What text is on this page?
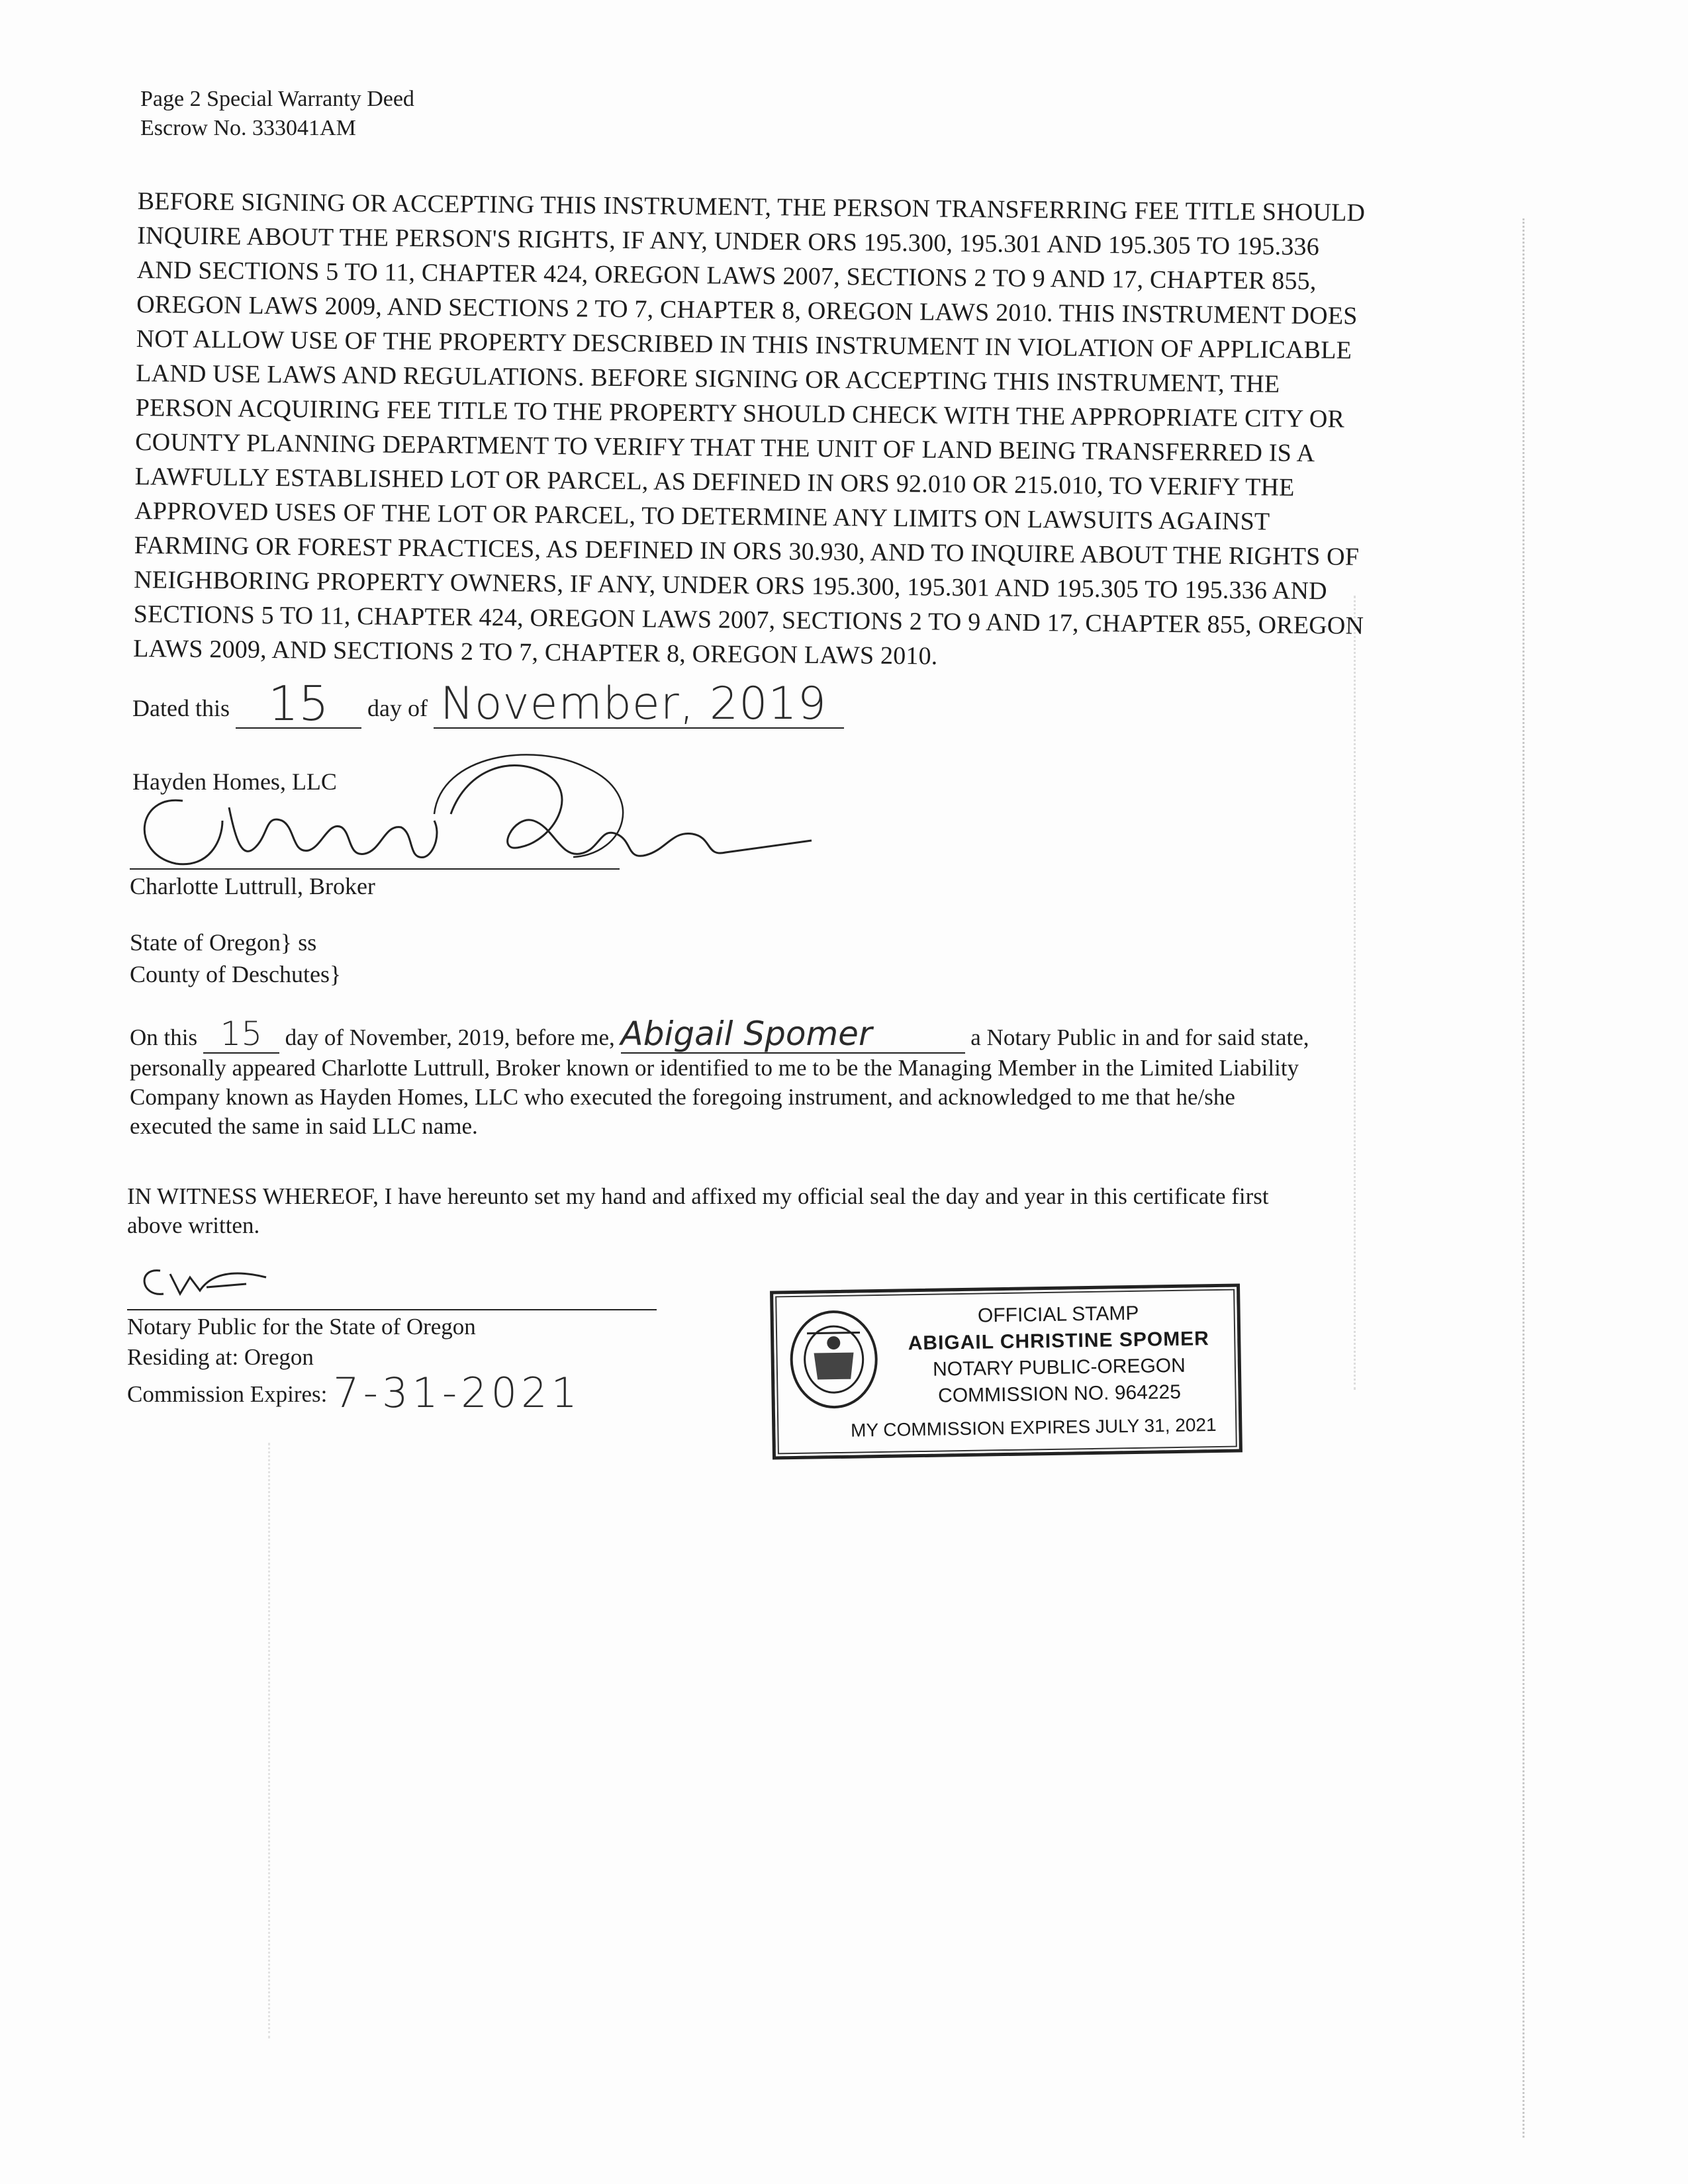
Page 2 Special Warranty Deed
Escrow No. 333041AM
BEFORE SIGNING OR ACCEPTING THIS INSTRUMENT, THE PERSON TRANSFERRING FEE TITLE SHOULD
INQUIRE ABOUT THE PERSON'S RIGHTS, IF ANY, UNDER ORS 195.300, 195.301 AND 195.305 TO 195.336
AND SECTIONS 5 TO 11, CHAPTER 424, OREGON LAWS 2007, SECTIONS 2 TO 9 AND 17, CHAPTER 855,
OREGON LAWS 2009, AND SECTIONS 2 TO 7, CHAPTER 8, OREGON LAWS 2010. THIS INSTRUMENT DOES
NOT ALLOW USE OF THE PROPERTY DESCRIBED IN THIS INSTRUMENT IN VIOLATION OF APPLICABLE
LAND USE LAWS AND REGULATIONS. BEFORE SIGNING OR ACCEPTING THIS INSTRUMENT, THE
PERSON ACQUIRING FEE TITLE TO THE PROPERTY SHOULD CHECK WITH THE APPROPRIATE CITY OR
COUNTY PLANNING DEPARTMENT TO VERIFY THAT THE UNIT OF LAND BEING TRANSFERRED IS A
LAWFULLY ESTABLISHED LOT OR PARCEL, AS DEFINED IN ORS 92.010 OR 215.010, TO VERIFY THE
APPROVED USES OF THE LOT OR PARCEL, TO DETERMINE ANY LIMITS ON LAWSUITS AGAINST
FARMING OR FOREST PRACTICES, AS DEFINED IN ORS 30.930, AND TO INQUIRE ABOUT THE RIGHTS OF
NEIGHBORING PROPERTY OWNERS, IF ANY, UNDER ORS 195.300, 195.301 AND 195.305 TO 195.336 AND
SECTIONS 5 TO 11, CHAPTER 424, OREGON LAWS 2007, SECTIONS 2 TO 9 AND 17, CHAPTER 855, OREGON
LAWS 2009, AND SECTIONS 2 TO 7, CHAPTER 8, OREGON LAWS 2010.
Dated this 15 day of November, 2019
Hayden Homes, LLC
Charlotte Luttrull, Broker
State of Oregon} ss
County of Deschutes}
On this 15 day of November, 2019, before me, Abigail Spomer	a Notary Public in and for said state,
personally appeared Charlotte Luttrull, Broker known or identified to me to be the Managing Member in the Limited Liability
Company known as Hayden Homes, LLC who executed the foregoing instrument, and acknowledged to me that he/she
executed the same in said LLC name.
IN WITNESS WHEREOF, I have hereunto set my hand and affixed my official seal the day and year in this certificate first
above written.
Notary Public for the State of Oregon
Residing at: Oregon
Commission Expires: 7-31-2021
OFFICIAL STAMP
ABIGAIL CHRISTINE SPOMER
NOTARY PUBLIC-OREGON
COMMISSION NO. 964225
MY COMMISSION EXPIRES JULY 31, 2021
